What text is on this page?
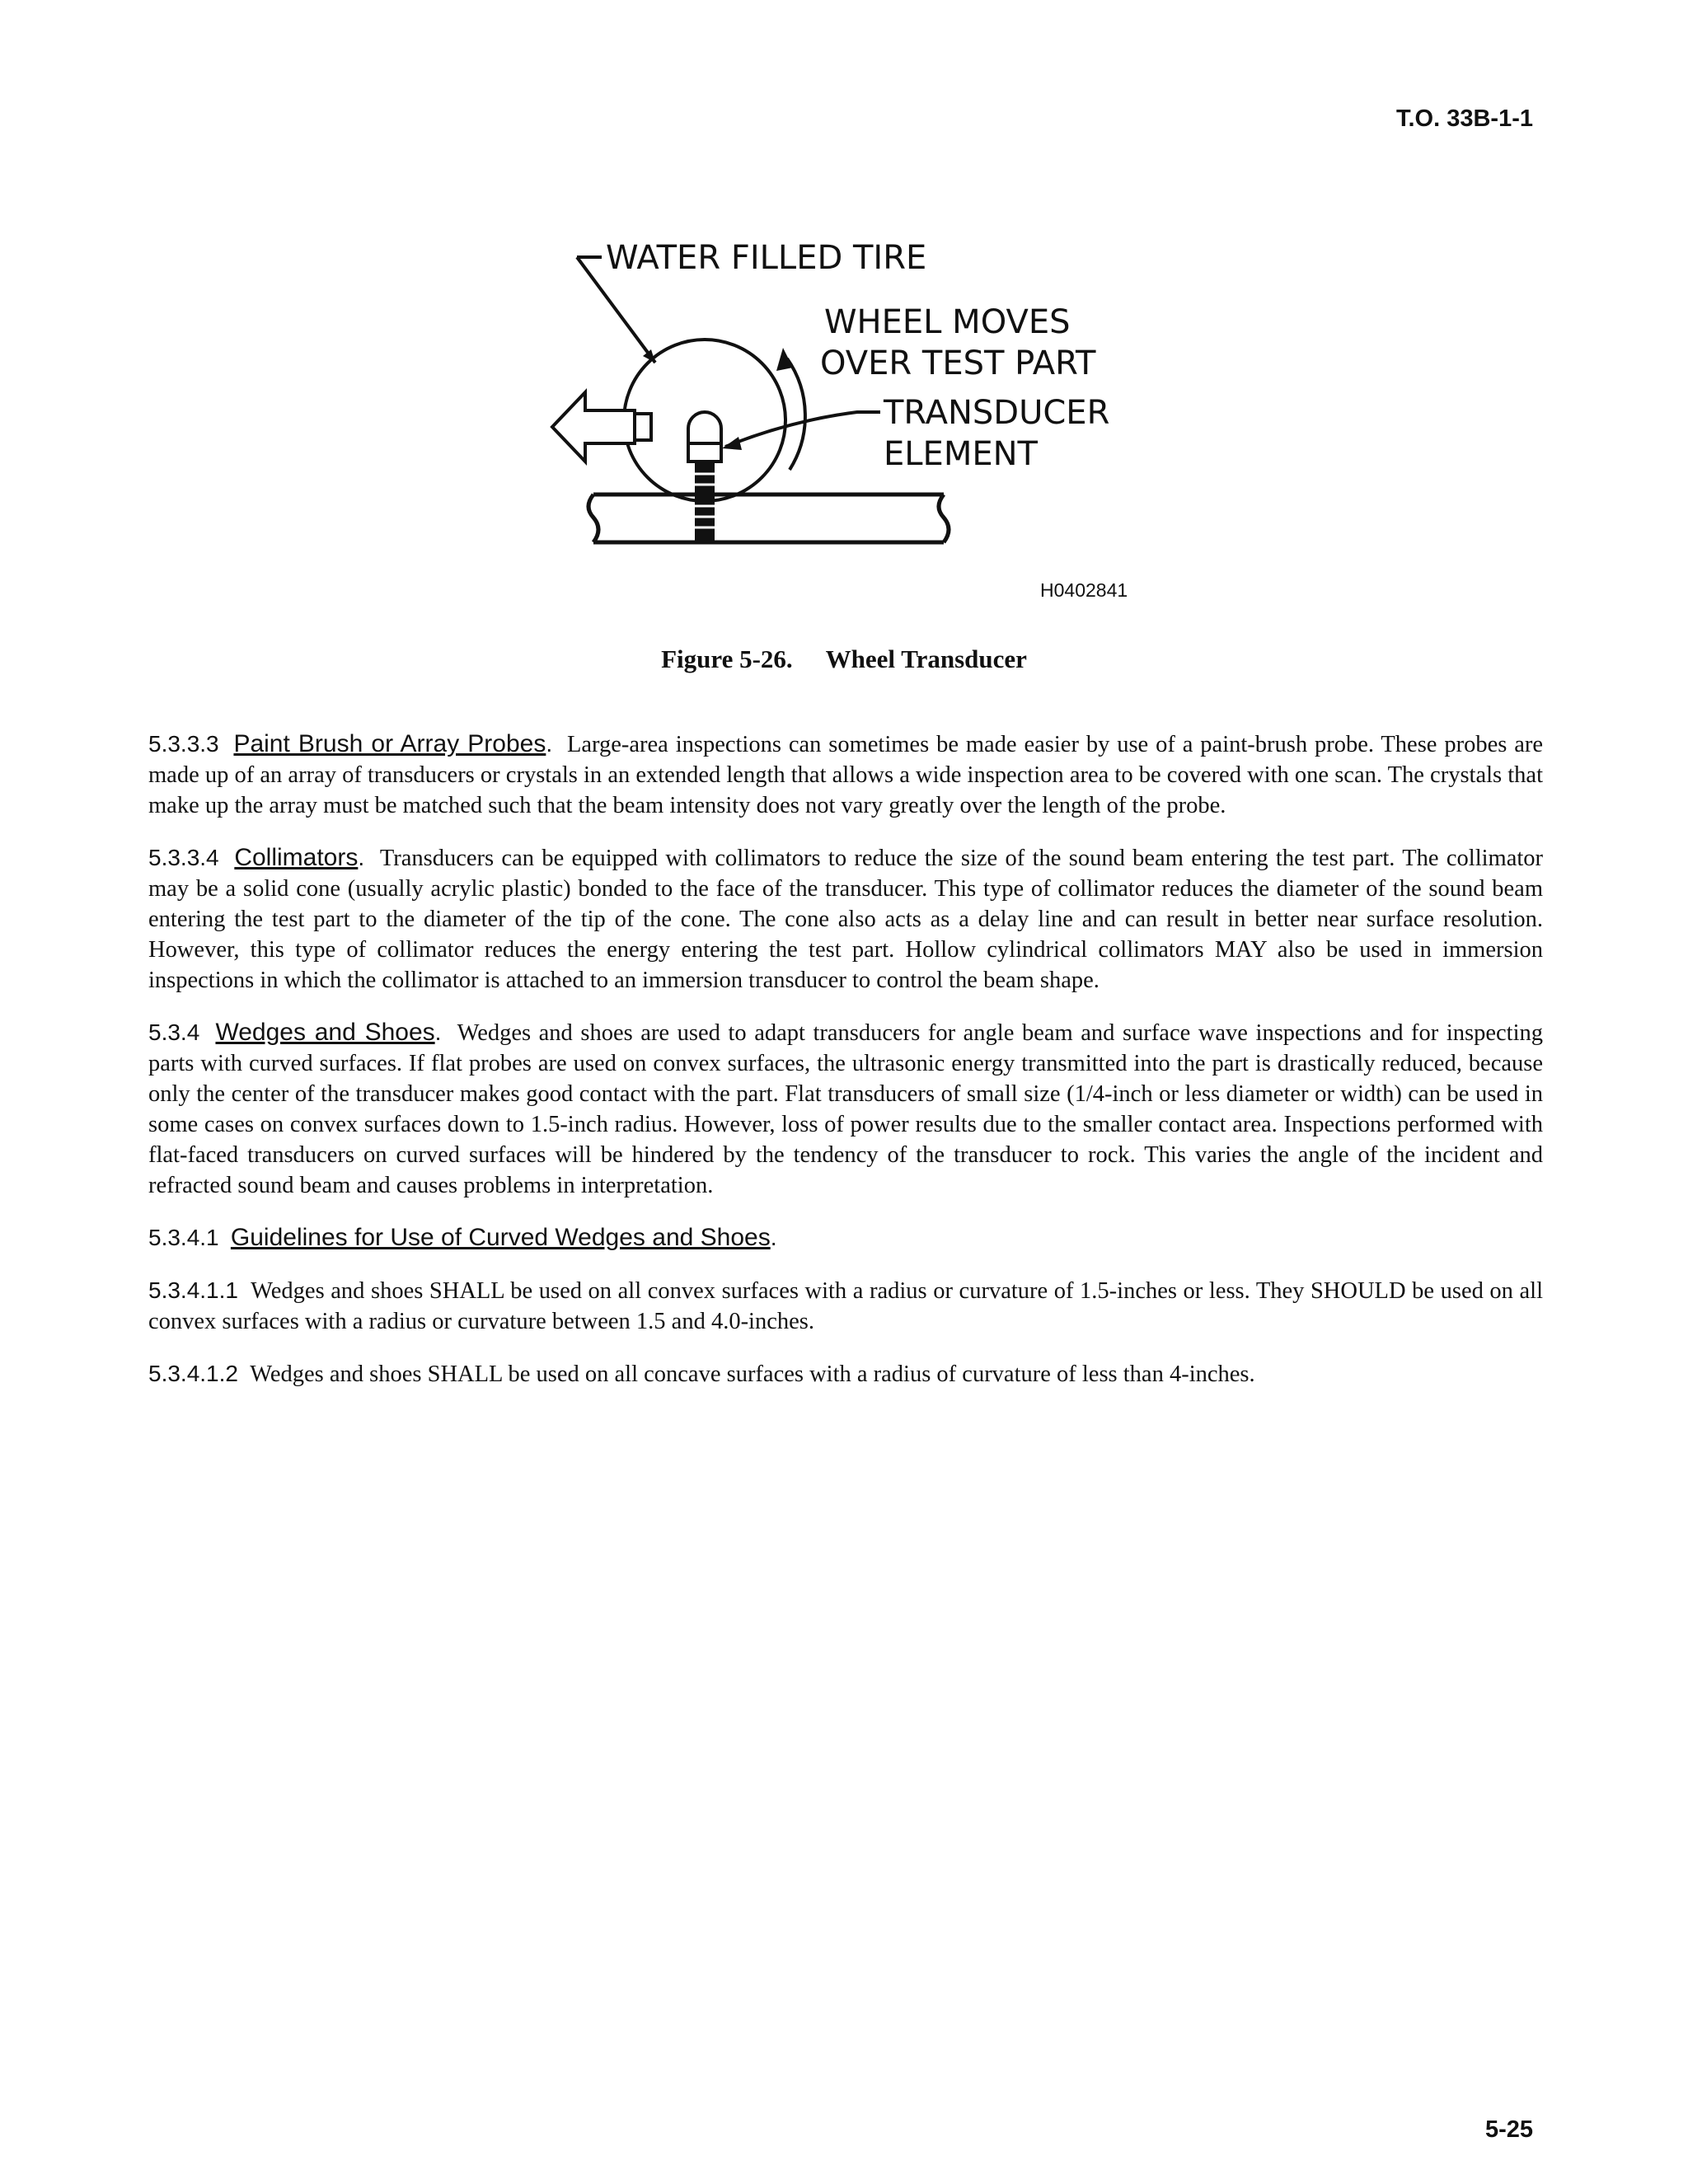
T.O. 33B-1-1
WATER FILLED TIRE
WHEEL MOVES
OVER TEST PART
TRANSDUCER
ELEMENT
H0402841
Figure 5-26. Wheel Transducer

5.3.3.3 Paint Brush or Array Probes. Large-area inspections can sometimes be made easier by use of a paint-brush probe. These probes are made up of an array of transducers or crystals in an extended length that allows a wide inspection area to be covered with one scan. The crystals that make up the array must be matched such that the beam intensity does not vary greatly over the length of the probe.

5.3.3.4 Collimators. Transducers can be equipped with collimators to reduce the size of the sound beam entering the test part. The collimator may be a solid cone (usually acrylic plastic) bonded to the face of the transducer. This type of collimator reduces the diameter of the sound beam entering the test part to the diameter of the tip of the cone. The cone also acts as a delay line and can result in better near surface resolution. However, this type of collimator reduces the energy entering the test part. Hollow cylindrical collimators MAY also be used in immersion inspections in which the collimator is attached to an immersion transducer to control the beam shape.

5.3.4 Wedges and Shoes. Wedges and shoes are used to adapt transducers for angle beam and surface wave inspections and for inspecting parts with curved surfaces. If flat probes are used on convex surfaces, the ultrasonic energy transmitted into the part is drastically reduced, because only the center of the transducer makes good contact with the part. Flat transducers of small size (1/4-inch or less diameter or width) can be used in some cases on convex surfaces down to 1.5-inch radius. However, loss of power results due to the smaller contact area. Inspections performed with flat-faced transducers on curved surfaces will be hindered by the tendency of the transducer to rock. This varies the angle of the incident and refracted sound beam and causes problems in interpretation.

5.3.4.1 Guidelines for Use of Curved Wedges and Shoes.

5.3.4.1.1 Wedges and shoes SHALL be used on all convex surfaces with a radius or curvature of 1.5-inches or less. They SHOULD be used on all convex surfaces with a radius or curvature between 1.5 and 4.0-inches.

5.3.4.1.2 Wedges and shoes SHALL be used on all concave surfaces with a radius of curvature of less than 4-inches.

5-25
